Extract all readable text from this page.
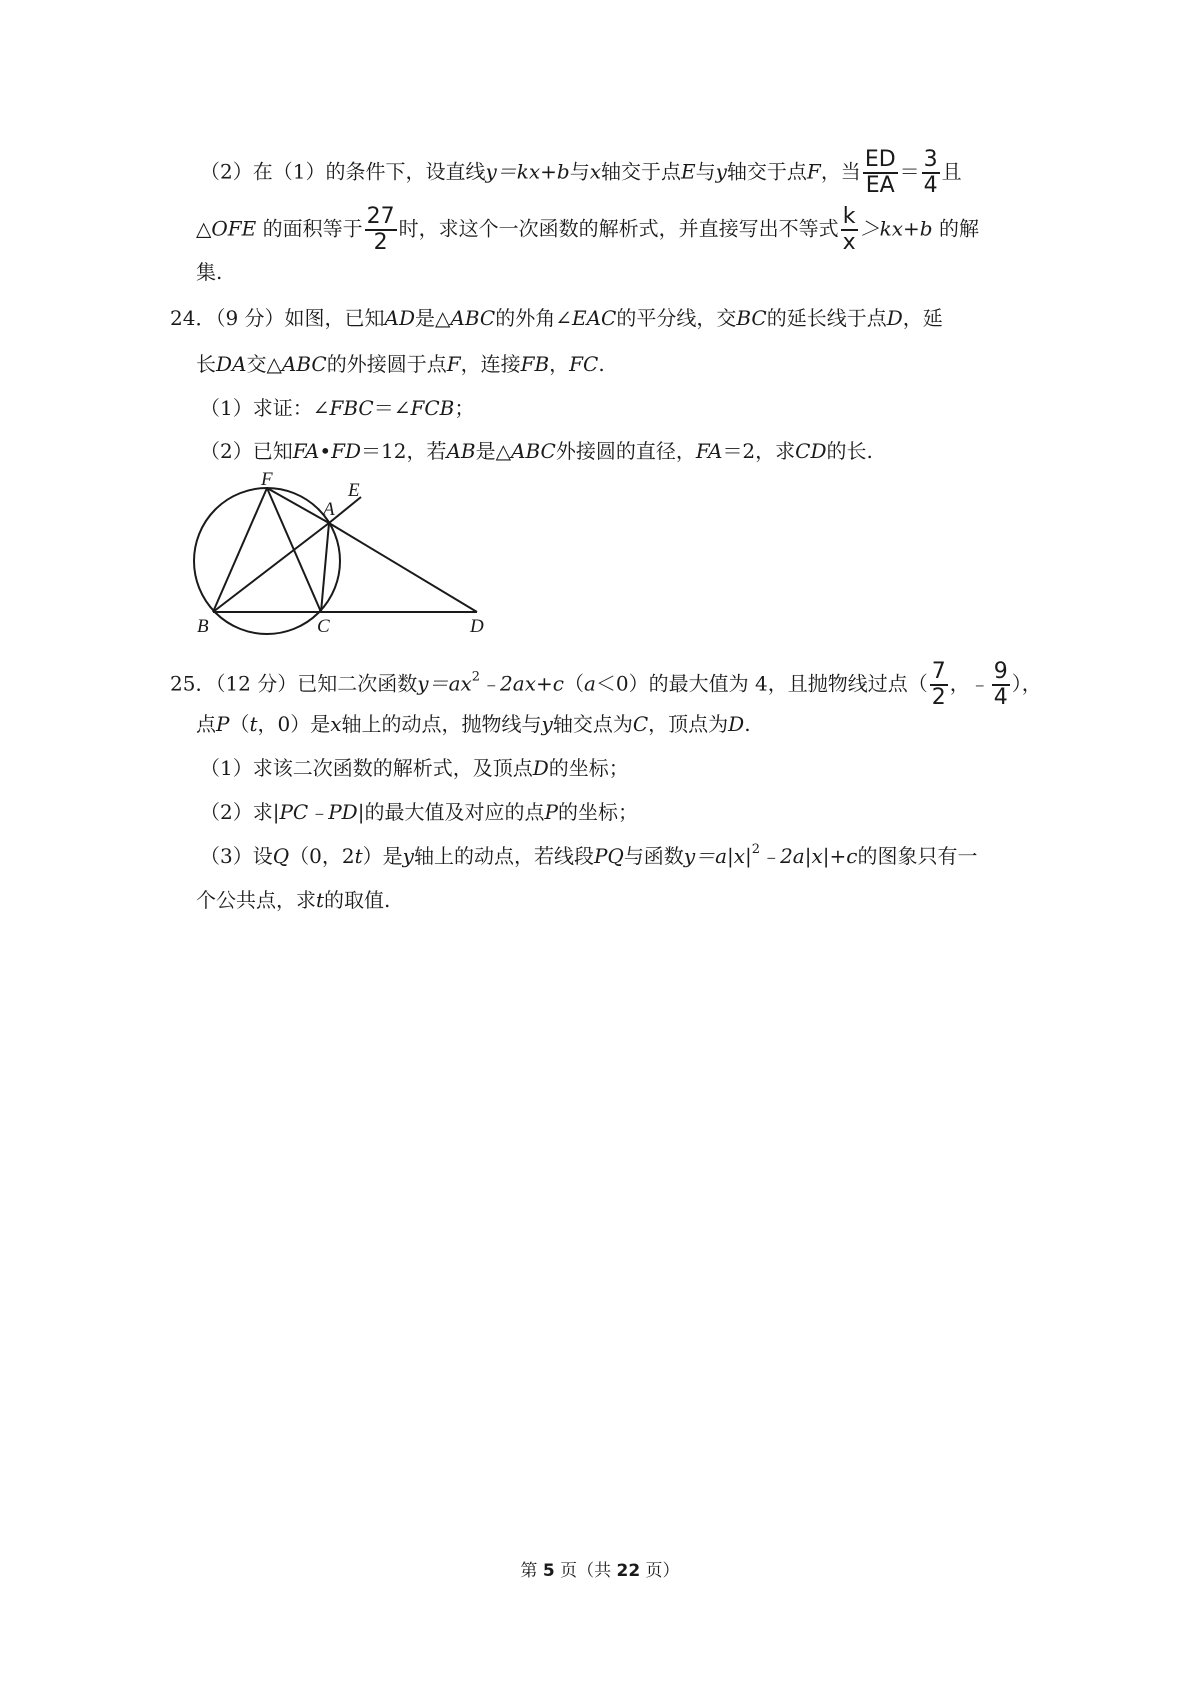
（2）在（1）的条件下，设直线y＝kx+b与x轴交于点E与y轴交于点F，当 $\frac{ED}{EA} = \frac{3}{4}$ 且
△OFE 的面积等于 $\frac{27}{2}$ 时，求这个一次函数的解析式，并直接写出不等式 $\frac{k}{x} >kx+b$ 的解
集.
24．（9 分）如图，已知AD是△ABC的外角∠EAC的平分线，交BC的延长线于点D，延
长DA交△ABC的外接圆于点F，连接FB，FC.
（1）求证：∠FBC＝∠FCB；
（2）已知FA•FD＝12，若AB是△ABC外接圆的直径，FA＝2，求CD的长.
F
E
A
B	C	D
25．（12 分）已知二次函数$y=ax^2﹣2ax+c(a<0)$的最大值为 4，且抛物线过点（ $\frac{7}{2}$ ，﹣ $\frac{9}{4}$ ），
点P（t，0）是x轴上的动点，抛物线与y轴交点为C，顶点为D.
（1）求该二次函数的解析式，及顶点D的坐标；
（2）求|PC﹣PD|的最大值及对应的点P的坐标；
（3）设Q（0，2t）是y轴上的动点，若线段PQ与函数$y=a|x|^2﹣2a|x|+c$的图象只有一
个公共点，求t的取值.
第 5 页（共 22 页）
